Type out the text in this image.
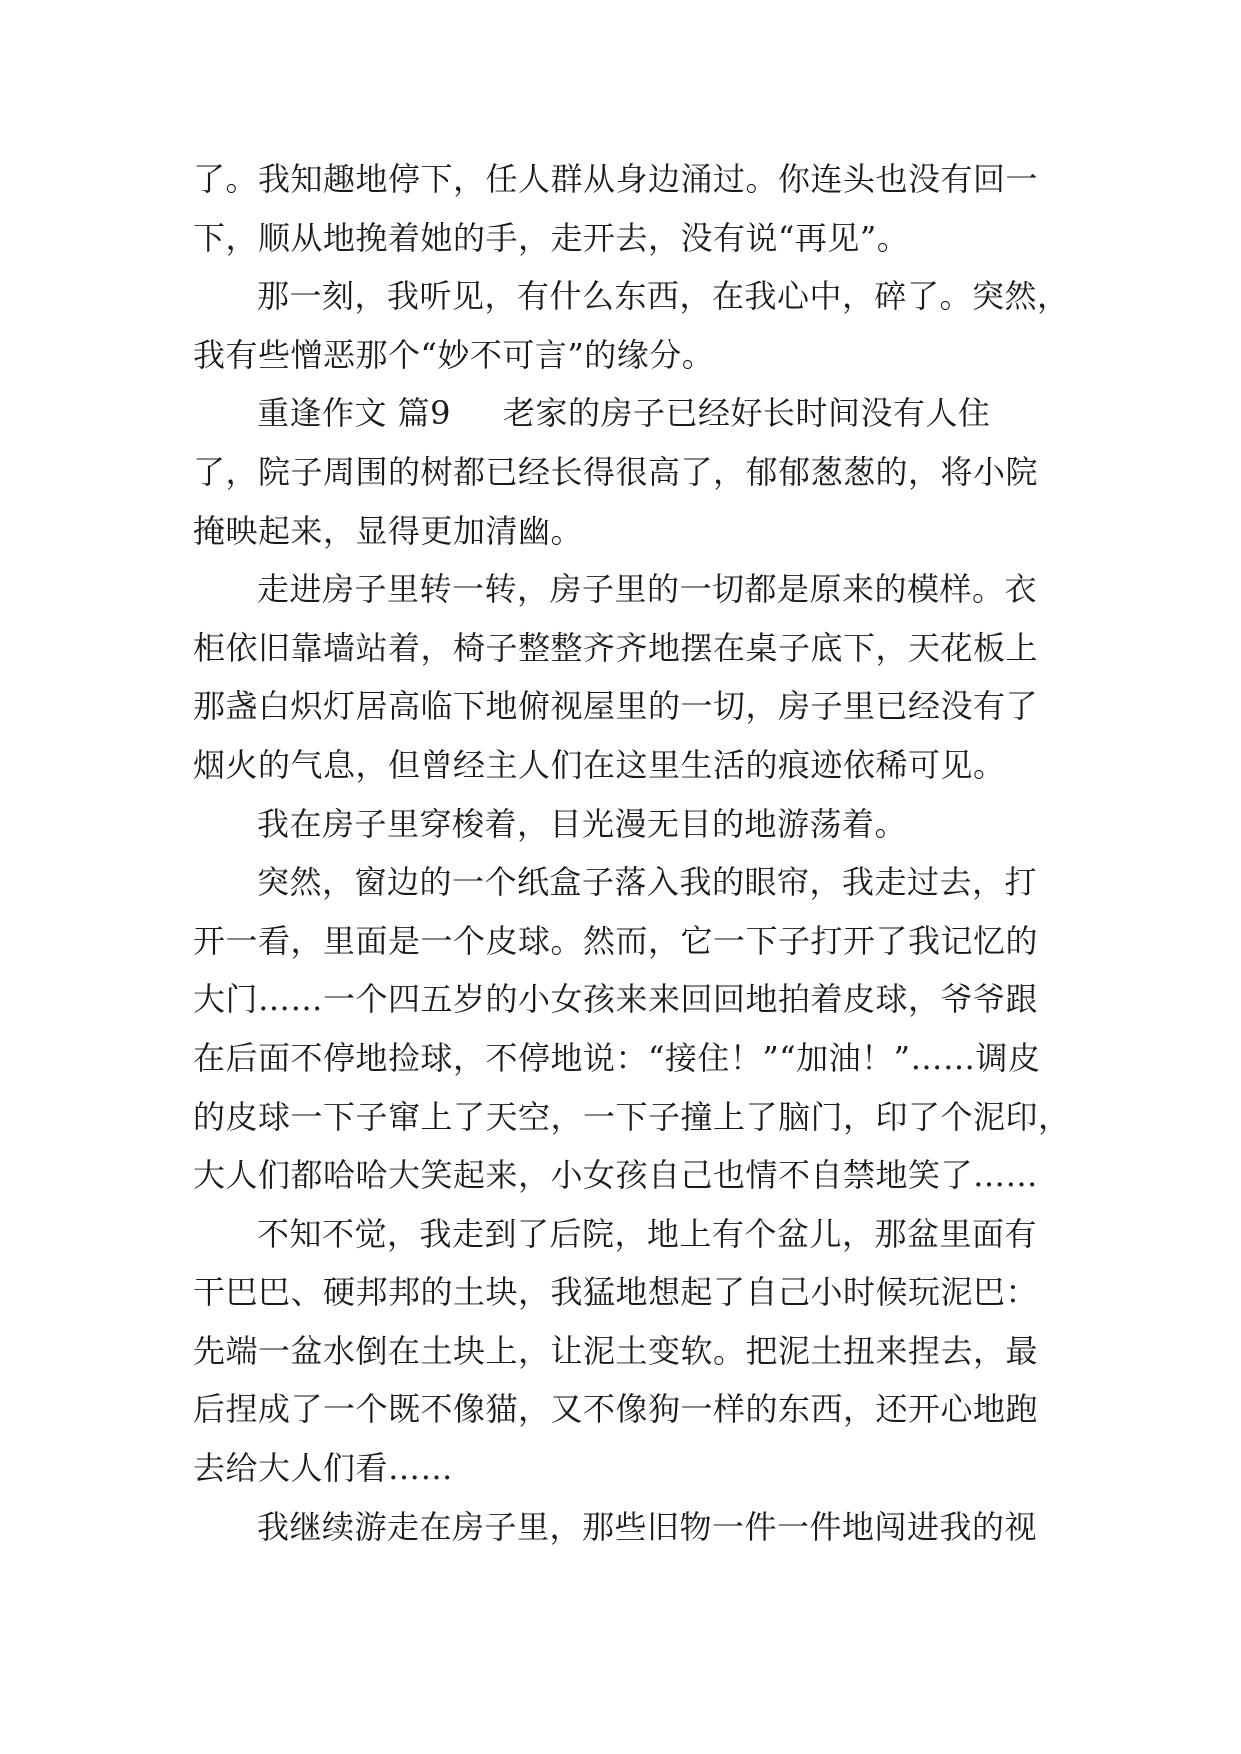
了。我知趣地停下，任人群从身边涌过。你连头也没有回一
下，顺从地挽着她的手，走开去，没有说“再见”。
那一刻，我听见，有什么东西，在我心中，碎了。突然，
我有些憎恶那个“妙不可言”的缘分。
重逢作文 篇9 老家的房子已经好长时间没有人住
了，院子周围的树都已经长得很高了，郁郁葱葱的，将小院
掩映起来，显得更加清幽。
走进房子里转一转，房子里的一切都是原来的模样。衣
柜依旧靠墙站着，椅子整整齐齐地摆在桌子底下，天花板上
那盏白炽灯居高临下地俯视屋里的一切，房子里已经没有了
烟火的气息，但曾经主人们在这里生活的痕迹依稀可见。
我在房子里穿梭着，目光漫无目的地游荡着。
突然，窗边的一个纸盒子落入我的眼帘，我走过去，打
开一看，里面是一个皮球。然而，它一下子打开了我记忆的
大门……一个四五岁的小女孩来来回回地拍着皮球，爷爷跟
在后面不停地捡球，不停地说：“接住！”“加油！”……调皮
的皮球一下子窜上了天空，一下子撞上了脑门，印了个泥印，
大人们都哈哈大笑起来，小女孩自己也情不自禁地笑了……
不知不觉，我走到了后院，地上有个盆儿，那盆里面有
干巴巴、硬邦邦的土块，我猛地想起了自己小时候玩泥巴：
先端一盆水倒在土块上，让泥土变软。把泥土扭来捏去，最
后捏成了一个既不像猫，又不像狗一样的东西，还开心地跑
去给大人们看……
我继续游走在房子里，那些旧物一件一件地闯进我的视
